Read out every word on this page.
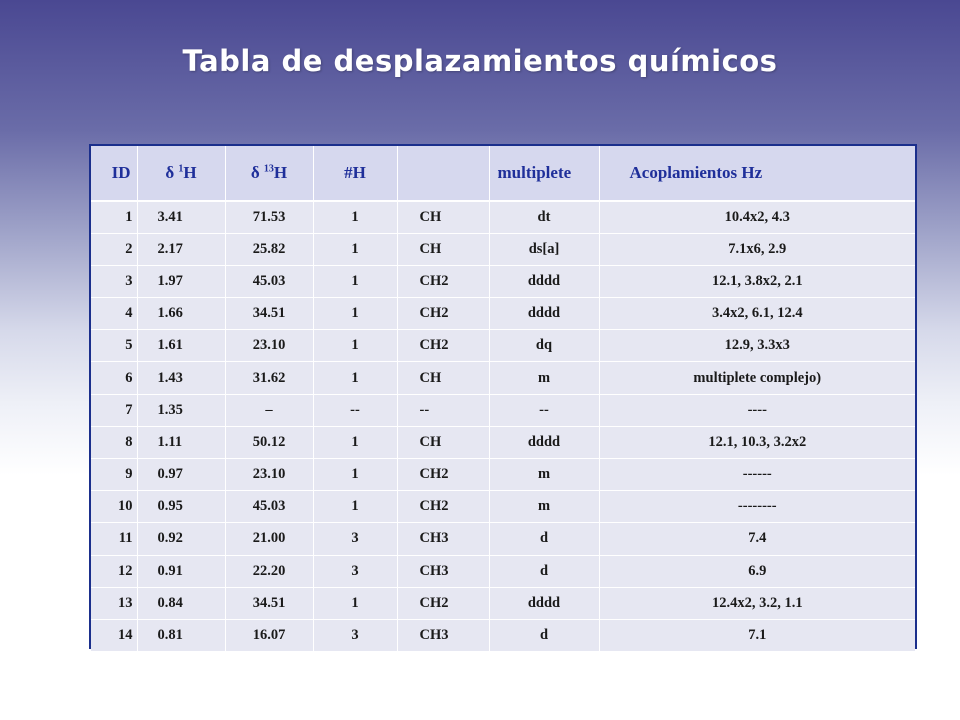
Tabla de desplazamientos químicos
ID	δ $^1$H	δ $^{13}$H	#H		multiplete	Acoplamientos Hz
1	3.41	71.53	1	CH	dt	10.4x2, 4.3
2	2.17	25.82	1	CH	ds[a]	7.1x6, 2.9
3	1.97	45.03	1	CH2	dddd	12.1, 3.8x2, 2.1
4	1.66	34.51	1	CH2	dddd	3.4x2, 6.1, 12.4
5	1.61	23.10	1	CH2	dq	12.9, 3.3x3
6	1.43	31.62	1	CH	m	multiplete complejo)
7	1.35	–	--	--	--	----
8	1.11	50.12	1	CH	dddd	12.1, 10.3, 3.2x2
9	0.97	23.10	1	CH2	m	------
10	0.95	45.03	1	CH2	m	--------
11	0.92	21.00	3	CH3	d	7.4
12	0.91	22.20	3	CH3	d	6.9
13	0.84	34.51	1	CH2	dddd	12.4x2, 3.2, 1.1
14	0.81	16.07	3	CH3	d	7.1
